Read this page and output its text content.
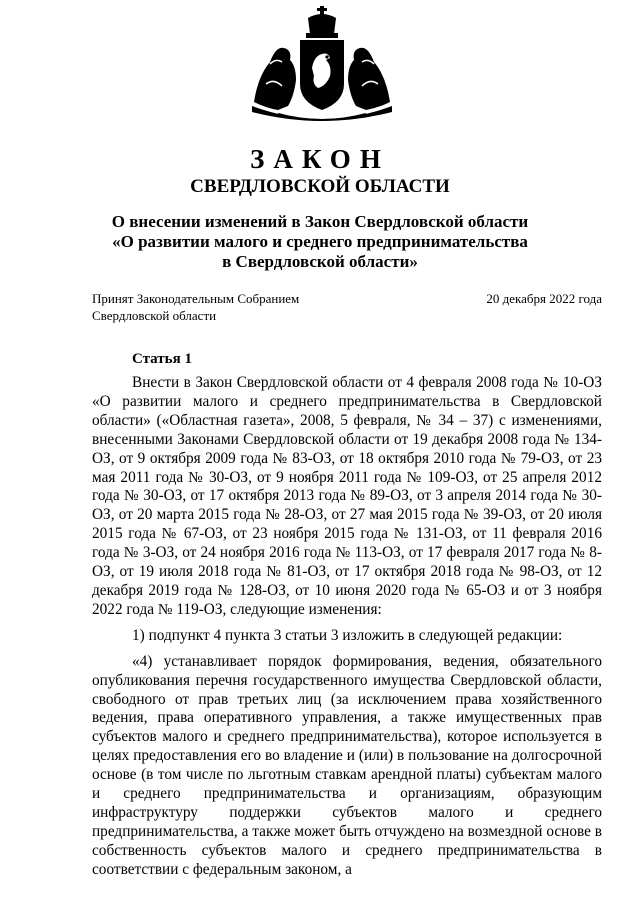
ЗАКОН
СВЕРДЛОВСКОЙ ОБЛАСТИ
О внесении изменений в Закон Свердловской области
«О развитии малого и среднего предпринимательства
в Свердловской области»
Принят Законодательным Собранием
Свердловской области
20 декабря 2022 года
Статья 1

Внести в Закон Свердловской области от 4 февраля 2008 года № 10-ОЗ «О развитии малого и среднего предпринимательства в Свердловской области» («Областная газета», 2008, 5 февраля, № 34 – 37) с изменениями, внесенными Законами Свердловской области от 19 декабря 2008 года № 134-ОЗ, от 9 октября 2009 года № 83-ОЗ, от 18 октября 2010 года № 79-ОЗ, от 23 мая 2011 года № 30-ОЗ, от 9 ноября 2011 года № 109-ОЗ, от 25 апреля 2012 года № 30-ОЗ, от 17 октября 2013 года № 89-ОЗ, от 3 апреля 2014 года № 30-ОЗ, от 20 марта 2015 года № 28-ОЗ, от 27 мая 2015 года № 39-ОЗ, от 20 июля 2015 года № 67-ОЗ, от 23 ноября 2015 года № 131-ОЗ, от 11 февраля 2016 года № 3-ОЗ, от 24 ноября 2016 года № 113-ОЗ, от 17 февраля 2017 года № 8-ОЗ, от 19 июля 2018 года № 81-ОЗ, от 17 октября 2018 года № 98-ОЗ, от 12 декабря 2019 года № 128-ОЗ, от 10 июня 2020 года № 65-ОЗ и от 3 ноября 2022 года № 119-ОЗ, следующие изменения:

1) подпункт 4 пункта 3 статьи 3 изложить в следующей редакции:

«4) устанавливает порядок формирования, ведения, обязательного опубликования перечня государственного имущества Свердловской области, свободного от прав третьих лиц (за исключением права хозяйственного ведения, права оперативного управления, а также имущественных прав субъектов малого и среднего предпринимательства), которое используется в целях предоставления его во владение и (или) в пользование на долгосрочной основе (в том числе по льготным ставкам арендной платы) субъектам малого и среднего предпринимательства и организациям, образующим инфраструктуру поддержки субъектов малого и среднего предпринимательства, а также может быть отчуждено на возмездной основе в собственность субъектов малого и среднего предпринимательства в соответствии с федеральным законом, а
